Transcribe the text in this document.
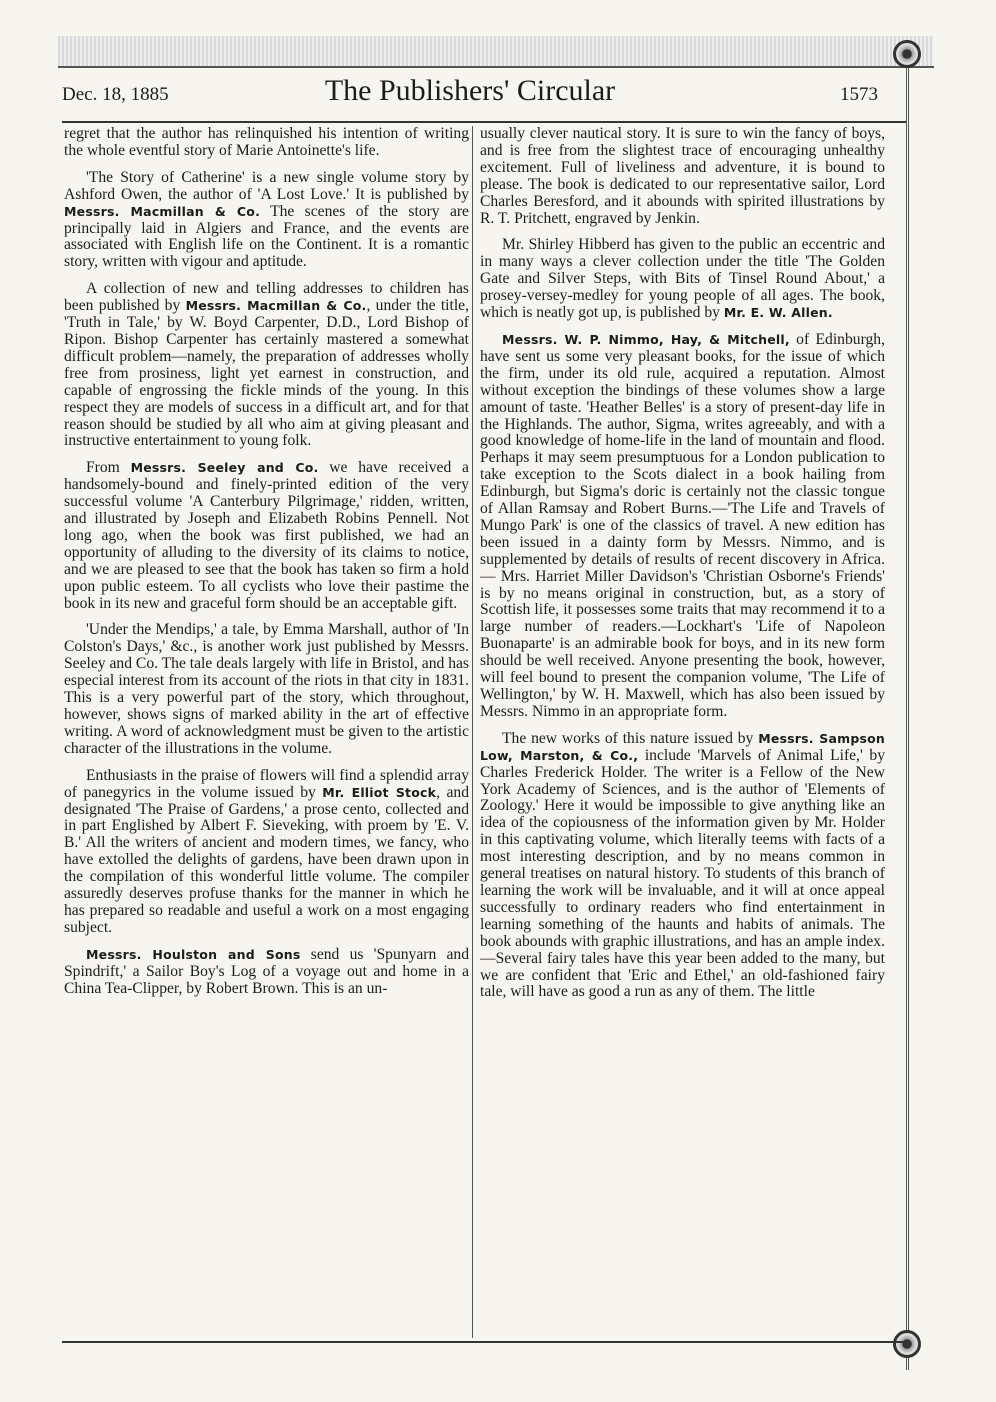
Dec. 18, 1885	The Publishers' Circular	1573

regret that the author has relinquished his intention of writing the whole eventful story of Marie Antoinette's life.

'The Story of Catherine' is a new single volume story by Ashford Owen, the author of 'A Lost Love.' It is published by Messrs. Macmillan & Co. The scenes of the story are principally laid in Algiers and France, and the events are associated with English life on the Continent. It is a romantic story, written with vigour and aptitude.

A collection of new and telling addresses to children has been published by Messrs. Macmillan & Co., under the title, 'Truth in Tale,' by W. Boyd Carpenter, D.D., Lord Bishop of Ripon. Bishop Carpenter has certainly mastered a somewhat difficult problem—namely, the preparation of addresses wholly free from prosiness, light yet earnest in construction, and capable of engrossing the fickle minds of the young. In this respect they are models of success in a difficult art, and for that reason should be studied by all who aim at giving pleasant and instructive entertainment to young folk.

From Messrs. Seeley and Co. we have received a handsomely-bound and finely-printed edition of the very successful volume 'A Canterbury Pilgrimage,' ridden, written, and illustrated by Joseph and Elizabeth Robins Pennell. Not long ago, when the book was first published, we had an opportunity of alluding to the diversity of its claims to notice, and we are pleased to see that the book has taken so firm a hold upon public esteem. To all cyclists who love their pastime the book in its new and graceful form should be an acceptable gift.

'Under the Mendips,' a tale, by Emma Marshall, author of 'In Colston's Days,' &c., is another work just published by Messrs. Seeley and Co. The tale deals largely with life in Bristol, and has especial interest from its account of the riots in that city in 1831. This is a very powerful part of the story, which throughout, however, shows signs of marked ability in the art of effective writing. A word of acknowledgment must be given to the artistic character of the illustrations in the volume.

Enthusiasts in the praise of flowers will find a splendid array of panegyrics in the volume issued by Mr. Elliot Stock, and designated 'The Praise of Gardens,' a prose cento, collected and in part Englished by Albert F. Sieveking, with proem by 'E. V. B.' All the writers of ancient and modern times, we fancy, who have extolled the delights of gardens, have been drawn upon in the compilation of this wonderful little volume. The compiler assuredly deserves profuse thanks for the manner in which he has prepared so readable and useful a work on a most engaging subject.

Messrs. Houlston and Sons send us 'Spunyarn and Spindrift,' a Sailor Boy's Log of a voyage out and home in a China Tea-Clipper, by Robert Brown. This is an un-

usually clever nautical story. It is sure to win the fancy of boys, and is free from the slightest trace of encouraging unhealthy excitement. Full of liveliness and adventure, it is bound to please. The book is dedicated to our representative sailor, Lord Charles Beresford, and it abounds with spirited illustrations by R. T. Pritchett, engraved by Jenkin.

Mr. Shirley Hibberd has given to the public an eccentric and in many ways a clever collection under the title 'The Golden Gate and Silver Steps, with Bits of Tinsel Round About,' a prosey-versey-medley for young people of all ages. The book, which is neatly got up, is published by Mr. E. W. Allen.

Messrs. W. P. Nimmo, Hay, & Mitchell, of Edinburgh, have sent us some very pleasant books, for the issue of which the firm, under its old rule, acquired a reputation. Almost without exception the bindings of these volumes show a large amount of taste. 'Heather Belles' is a story of present-day life in the Highlands. The author, Sigma, writes agreeably, and with a good knowledge of home-life in the land of mountain and flood. Perhaps it may seem presumptuous for a London publication to take exception to the Scots dialect in a book hailing from Edinburgh, but Sigma's doric is certainly not the classic tongue of Allan Ramsay and Robert Burns.—'The Life and Travels of Mungo Park' is one of the classics of travel. A new edition has been issued in a dainty form by Messrs. Nimmo, and is supplemented by details of results of recent discovery in Africa. — Mrs. Harriet Miller Davidson's 'Christian Osborne's Friends' is by no means original in construction, but, as a story of Scottish life, it possesses some traits that may recommend it to a large number of readers.—Lockhart's 'Life of Napoleon Buonaparte' is an admirable book for boys, and in its new form should be well received. Anyone presenting the book, however, will feel bound to present the companion volume, 'The Life of Wellington,' by W. H. Maxwell, which has also been issued by Messrs. Nimmo in an appropriate form.

The new works of this nature issued by Messrs. Sampson Low, Marston, & Co., include 'Marvels of Animal Life,' by Charles Frederick Holder. The writer is a Fellow of the New York Academy of Sciences, and is the author of 'Elements of Zoology.' Here it would be impossible to give anything like an idea of the copiousness of the information given by Mr. Holder in this captivating volume, which literally teems with facts of a most interesting description, and by no means common in general treatises on natural history. To students of this branch of learning the work will be invaluable, and it will at once appeal successfully to ordinary readers who find entertainment in learning something of the haunts and habits of animals. The book abounds with graphic illustrations, and has an ample index. —Several fairy tales have this year been added to the many, but we are confident that 'Eric and Ethel,' an old-fashioned fairy tale, will have as good a run as any of them. The little
